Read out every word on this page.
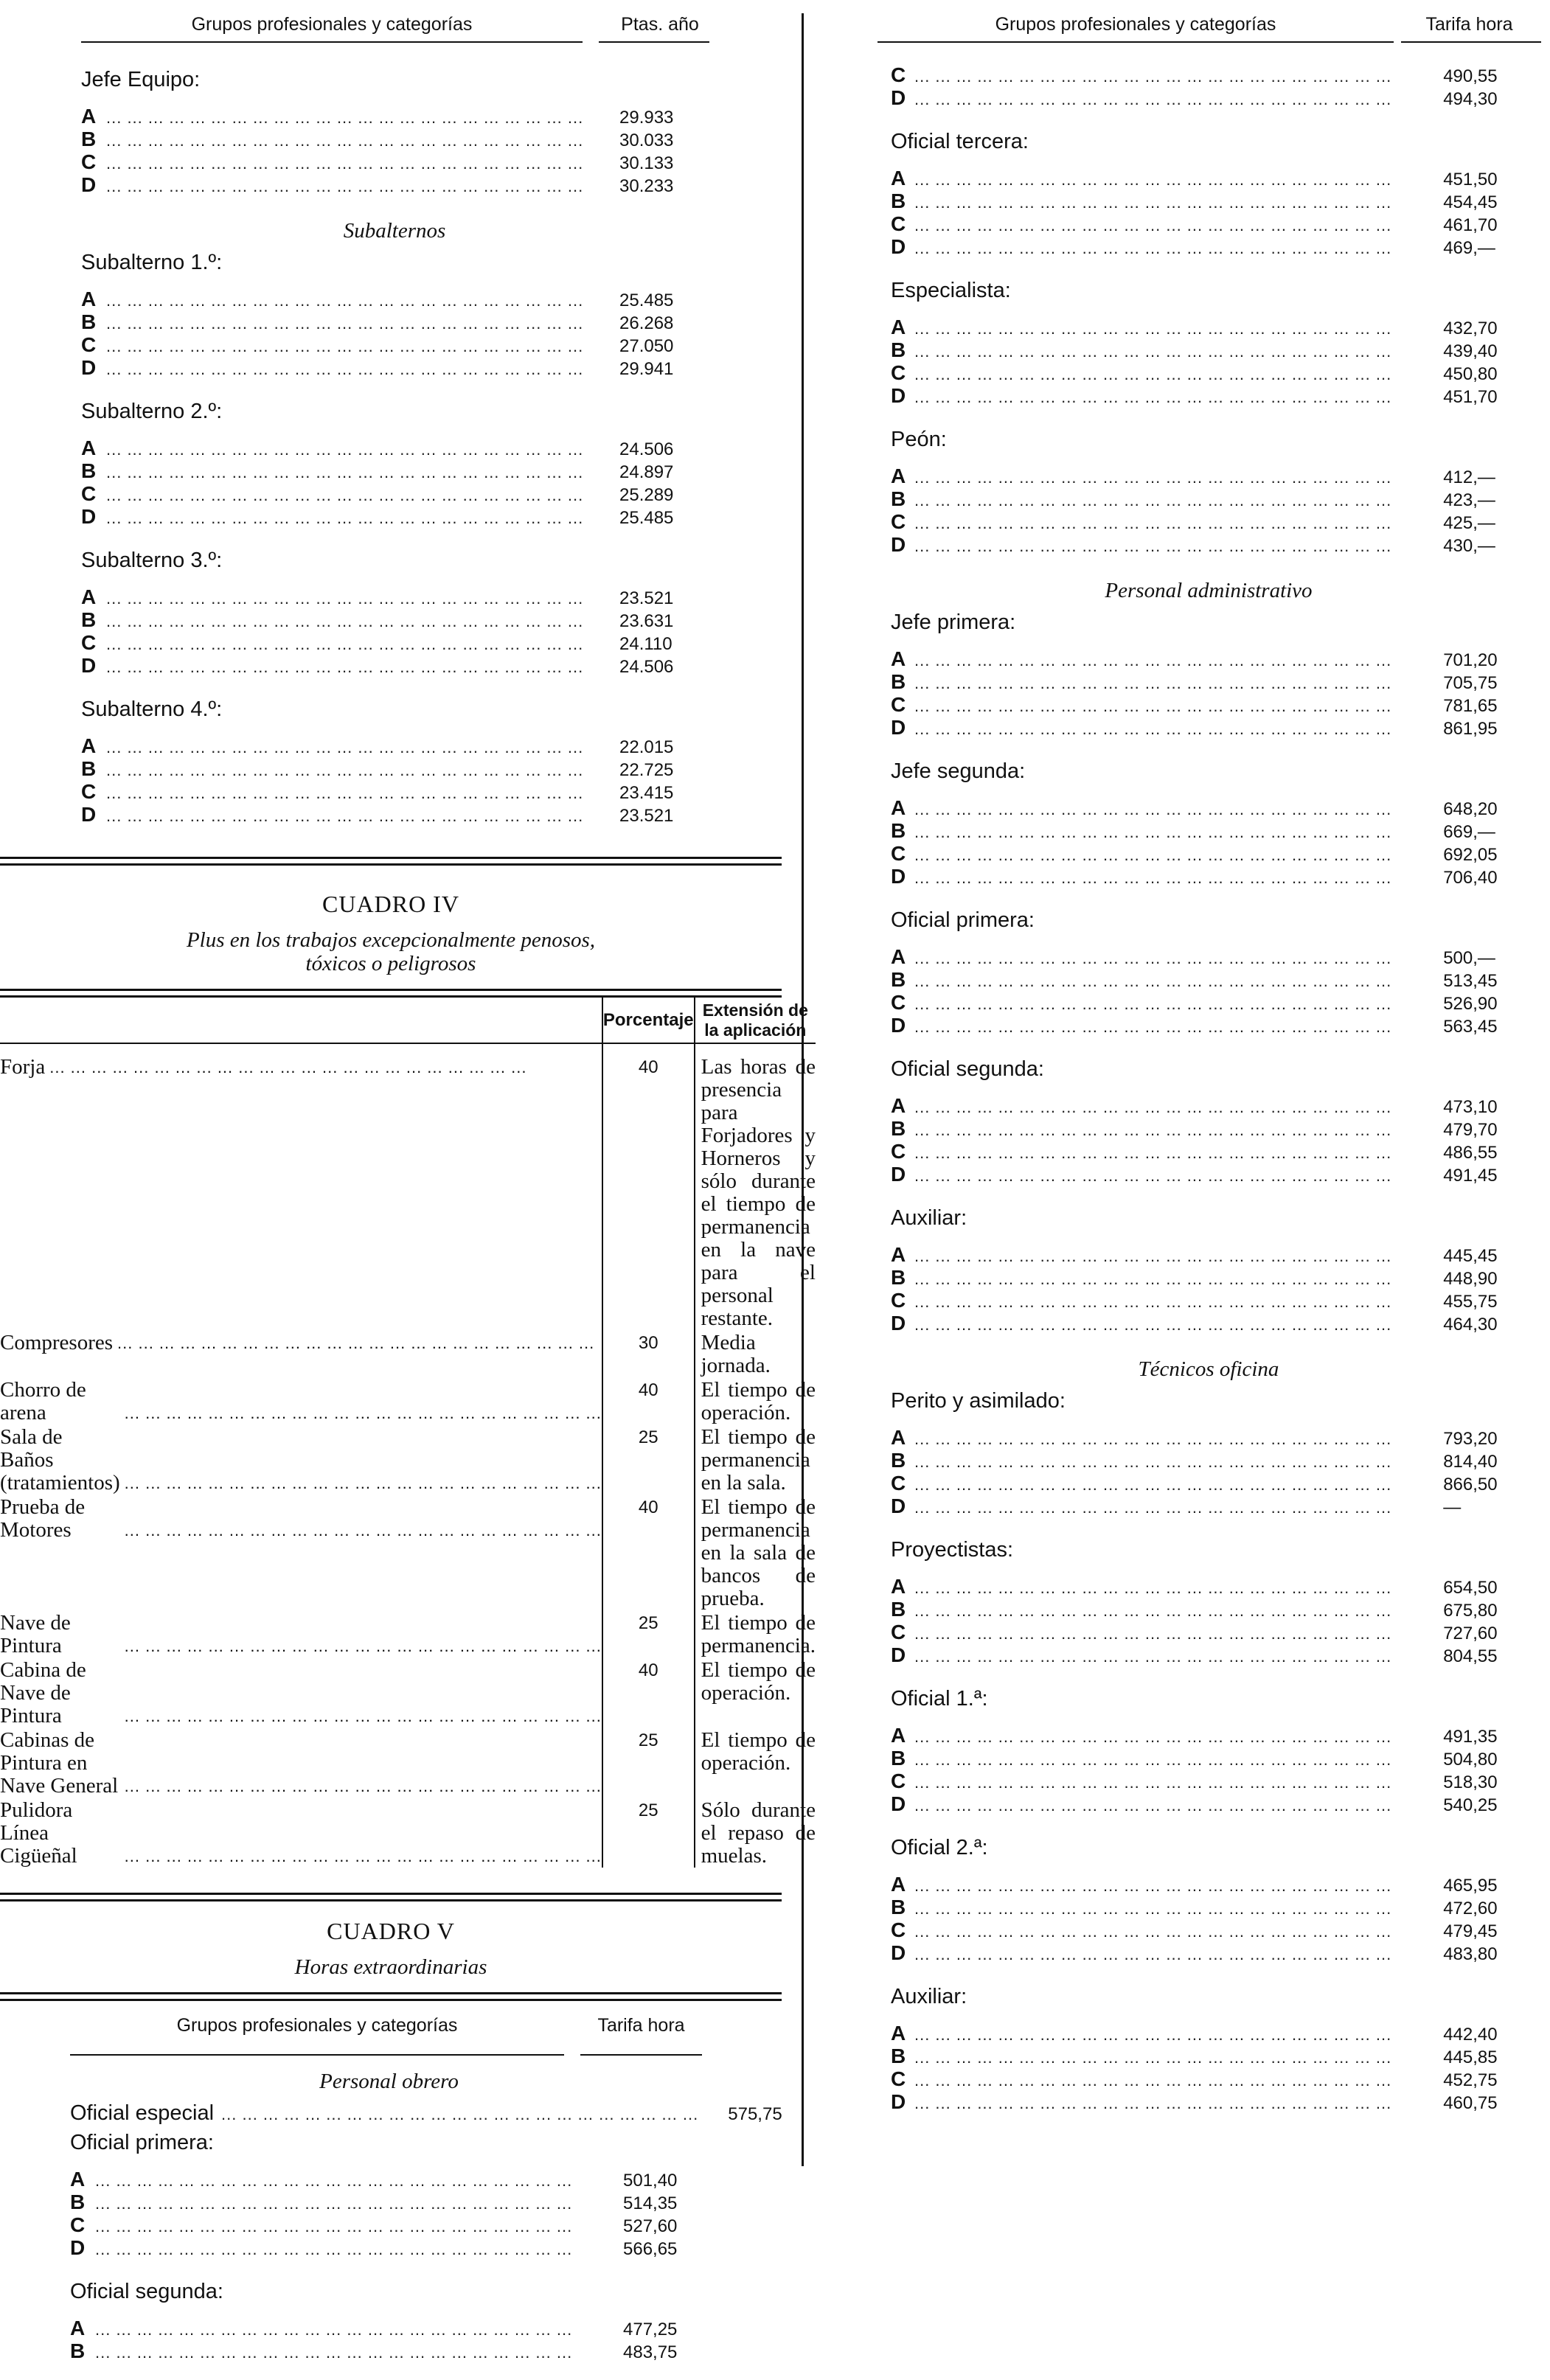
Grupos profesionales y categorías	Ptas. año
Jefe Equipo:
A ... ... ... ... ... ... ... ... ... ... ... ... ... ... ... ... ... ... ... ... ... ... ...	29.933
B ... ... ... ... ... ... ... ... ... ... ... ... ... ... ... ... ... ... ... ... ... ... ...	30.033
C ... ... ... ... ... ... ... ... ... ... ... ... ... ... ... ... ... ... ... ... ... ... ...	30.133
D ... ... ... ... ... ... ... ... ... ... ... ... ... ... ... ... ... ... ... ... ... ... ...	30.233
Subalternos
Subalterno 1.º:
A ... ... ... ... ... ... ... ... ... ... ... ... ... ... ... ... ... ... ... ... ... ... ...	25.485
B ... ... ... ... ... ... ... ... ... ... ... ... ... ... ... ... ... ... ... ... ... ... ...	26.268
C ... ... ... ... ... ... ... ... ... ... ... ... ... ... ... ... ... ... ... ... ... ... ...	27.050
D ... ... ... ... ... ... ... ... ... ... ... ... ... ... ... ... ... ... ... ... ... ... ...	29.941
Subalterno 2.º:
A ... ... ... ... ... ... ... ... ... ... ... ... ... ... ... ... ... ... ... ... ... ... ...	24.506
B ... ... ... ... ... ... ... ... ... ... ... ... ... ... ... ... ... ... ... ... ... ... ...	24.897
C ... ... ... ... ... ... ... ... ... ... ... ... ... ... ... ... ... ... ... ... ... ... ...	25.289
D ... ... ... ... ... ... ... ... ... ... ... ... ... ... ... ... ... ... ... ... ... ... ...	25.485
Subalterno 3.º:
A ... ... ... ... ... ... ... ... ... ... ... ... ... ... ... ... ... ... ... ... ... ... ...	23.521
B ... ... ... ... ... ... ... ... ... ... ... ... ... ... ... ... ... ... ... ... ... ... ...	23.631
C ... ... ... ... ... ... ... ... ... ... ... ... ... ... ... ... ... ... ... ... ... ... ...	24.110
D ... ... ... ... ... ... ... ... ... ... ... ... ... ... ... ... ... ... ... ... ... ... ...	24.506
Subalterno 4.º:
A ... ... ... ... ... ... ... ... ... ... ... ... ... ... ... ... ... ... ... ... ... ... ...	22.015
B ... ... ... ... ... ... ... ... ... ... ... ... ... ... ... ... ... ... ... ... ... ... ...	22.725
C ... ... ... ... ... ... ... ... ... ... ... ... ... ... ... ... ... ... ... ... ... ... ...	23.415
D ... ... ... ... ... ... ... ... ... ... ... ... ... ... ... ... ... ... ... ... ... ... ...	23.521
CUADRO IV
Plus en los trabajos excepcionalmente penosos,
tóxicos o peligrosos
	Porcentaje	Extensión de la aplicación

Forja ... ... ... ... ... ... ... ... ... ... ... ... ... ... ... ... ... ... ... ... ... ... ...	40	Las horas de presencia para Forjadores y Horneros y sólo durante el tiempo de permanencia en la nave para el personal restante.

Compresores ... ... ... ... ... ... ... ... ... ... ... ... ... ... ... ... ... ... ... ... ... ... ...	30	Media jornada.

Chorro de arena ... ... ... ... ... ... ... ... ... ... ... ... ... ... ... ... ... ... ... ... ... ... ...	40	El tiempo de operación.

Sala de Baños (tratamientos) ... ... ... ... ... ... ... ... ... ... ... ... ... ... ... ... ... ... ... ... ... ... ...	25	El tiempo de permanencia en la sala.

Prueba de Motores ... ... ... ... ... ... ... ... ... ... ... ... ... ... ... ... ... ... ... ... ... ... ...	40	El tiempo de permanencia en la sala de bancos de prueba.

Nave de Pintura ... ... ... ... ... ... ... ... ... ... ... ... ... ... ... ... ... ... ... ... ... ... ...	25	El tiempo de permanencia.

Cabina de Nave de Pintura ... ... ... ... ... ... ... ... ... ... ... ... ... ... ... ... ... ... ... ... ... ... ...	40	El tiempo de operación.

Cabinas de Pintura en Nave General ... ... ... ... ... ... ... ... ... ... ... ... ... ... ... ... ... ... ... ... ... ... ...	25	El tiempo de operación.

Pulidora Línea Cigüeñal ... ... ... ... ... ... ... ... ... ... ... ... ... ... ... ... ... ... ... ... ... ... ...	25	Sólo durante el repaso de muelas.
CUADRO V
Horas extraordinarias
Grupos profesionales y categorías	Tarifa hora
Personal obrero
Oficial especial ... ... ... ... ... ... ... ... ... ... ... ... ... ... ... ... ... ... ... ... ... ... ... 575,75
Oficial primera:
A ... ... ... ... ... ... ... ... ... ... ... ... ... ... ... ... ... ... ... ... ... ... ...	501,40
B ... ... ... ... ... ... ... ... ... ... ... ... ... ... ... ... ... ... ... ... ... ... ...	514,35
C ... ... ... ... ... ... ... ... ... ... ... ... ... ... ... ... ... ... ... ... ... ... ...	527,60
D ... ... ... ... ... ... ... ... ... ... ... ... ... ... ... ... ... ... ... ... ... ... ...	566,65
Oficial segunda:
A ... ... ... ... ... ... ... ... ... ... ... ... ... ... ... ... ... ... ... ... ... ... ...	477,25
B ... ... ... ... ... ... ... ... ... ... ... ... ... ... ... ... ... ... ... ... ... ... ...	483,75
Grupos profesionales y categorías	Tarifa hora
C ... ... ... ... ... ... ... ... ... ... ... ... ... ... ... ... ... ... ... ... ... ... ...	490,55
D ... ... ... ... ... ... ... ... ... ... ... ... ... ... ... ... ... ... ... ... ... ... ...	494,30
Oficial tercera:
A ... ... ... ... ... ... ... ... ... ... ... ... ... ... ... ... ... ... ... ... ... ... ...	451,50
B ... ... ... ... ... ... ... ... ... ... ... ... ... ... ... ... ... ... ... ... ... ... ...	454,45
C ... ... ... ... ... ... ... ... ... ... ... ... ... ... ... ... ... ... ... ... ... ... ...	461,70
D ... ... ... ... ... ... ... ... ... ... ... ... ... ... ... ... ... ... ... ... ... ... ...	469,—
Especialista:
A ... ... ... ... ... ... ... ... ... ... ... ... ... ... ... ... ... ... ... ... ... ... ...	432,70
B ... ... ... ... ... ... ... ... ... ... ... ... ... ... ... ... ... ... ... ... ... ... ...	439,40
C ... ... ... ... ... ... ... ... ... ... ... ... ... ... ... ... ... ... ... ... ... ... ...	450,80
D ... ... ... ... ... ... ... ... ... ... ... ... ... ... ... ... ... ... ... ... ... ... ...	451,70
Peón:
A ... ... ... ... ... ... ... ... ... ... ... ... ... ... ... ... ... ... ... ... ... ... ...	412,—
B ... ... ... ... ... ... ... ... ... ... ... ... ... ... ... ... ... ... ... ... ... ... ...	423,—
C ... ... ... ... ... ... ... ... ... ... ... ... ... ... ... ... ... ... ... ... ... ... ...	425,—
D ... ... ... ... ... ... ... ... ... ... ... ... ... ... ... ... ... ... ... ... ... ... ...	430,—
Personal administrativo
Jefe primera:
A ... ... ... ... ... ... ... ... ... ... ... ... ... ... ... ... ... ... ... ... ... ... ...	701,20
B ... ... ... ... ... ... ... ... ... ... ... ... ... ... ... ... ... ... ... ... ... ... ...	705,75
C ... ... ... ... ... ... ... ... ... ... ... ... ... ... ... ... ... ... ... ... ... ... ...	781,65
D ... ... ... ... ... ... ... ... ... ... ... ... ... ... ... ... ... ... ... ... ... ... ...	861,95
Jefe segunda:
A ... ... ... ... ... ... ... ... ... ... ... ... ... ... ... ... ... ... ... ... ... ... ...	648,20
B ... ... ... ... ... ... ... ... ... ... ... ... ... ... ... ... ... ... ... ... ... ... ...	669,—
C ... ... ... ... ... ... ... ... ... ... ... ... ... ... ... ... ... ... ... ... ... ... ...	692,05
D ... ... ... ... ... ... ... ... ... ... ... ... ... ... ... ... ... ... ... ... ... ... ...	706,40
Oficial primera:
A ... ... ... ... ... ... ... ... ... ... ... ... ... ... ... ... ... ... ... ... ... ... ...	500,—
B ... ... ... ... ... ... ... ... ... ... ... ... ... ... ... ... ... ... ... ... ... ... ...	513,45
C ... ... ... ... ... ... ... ... ... ... ... ... ... ... ... ... ... ... ... ... ... ... ...	526,90
D ... ... ... ... ... ... ... ... ... ... ... ... ... ... ... ... ... ... ... ... ... ... ...	563,45
Oficial segunda:
A ... ... ... ... ... ... ... ... ... ... ... ... ... ... ... ... ... ... ... ... ... ... ...	473,10
B ... ... ... ... ... ... ... ... ... ... ... ... ... ... ... ... ... ... ... ... ... ... ...	479,70
C ... ... ... ... ... ... ... ... ... ... ... ... ... ... ... ... ... ... ... ... ... ... ...	486,55
D ... ... ... ... ... ... ... ... ... ... ... ... ... ... ... ... ... ... ... ... ... ... ...	491,45
Auxiliar:
A ... ... ... ... ... ... ... ... ... ... ... ... ... ... ... ... ... ... ... ... ... ... ...	445,45
B ... ... ... ... ... ... ... ... ... ... ... ... ... ... ... ... ... ... ... ... ... ... ...	448,90
C ... ... ... ... ... ... ... ... ... ... ... ... ... ... ... ... ... ... ... ... ... ... ...	455,75
D ... ... ... ... ... ... ... ... ... ... ... ... ... ... ... ... ... ... ... ... ... ... ...	464,30
Técnicos oficina
Perito y asimilado:
A ... ... ... ... ... ... ... ... ... ... ... ... ... ... ... ... ... ... ... ... ... ... ...	793,20
B ... ... ... ... ... ... ... ... ... ... ... ... ... ... ... ... ... ... ... ... ... ... ...	814,40
C ... ... ... ... ... ... ... ... ... ... ... ... ... ... ... ... ... ... ... ... ... ... ...	866,50
D ... ... ... ... ... ... ... ... ... ... ... ... ... ... ... ... ... ... ... ... ... ... ...	—
Proyectistas:
A ... ... ... ... ... ... ... ... ... ... ... ... ... ... ... ... ... ... ... ... ... ... ...	654,50
B ... ... ... ... ... ... ... ... ... ... ... ... ... ... ... ... ... ... ... ... ... ... ...	675,80
C ... ... ... ... ... ... ... ... ... ... ... ... ... ... ... ... ... ... ... ... ... ... ...	727,60
D ... ... ... ... ... ... ... ... ... ... ... ... ... ... ... ... ... ... ... ... ... ... ...	804,55
Oficial 1.ª:
A ... ... ... ... ... ... ... ... ... ... ... ... ... ... ... ... ... ... ... ... ... ... ...	491,35
B ... ... ... ... ... ... ... ... ... ... ... ... ... ... ... ... ... ... ... ... ... ... ...	504,80
C ... ... ... ... ... ... ... ... ... ... ... ... ... ... ... ... ... ... ... ... ... ... ...	518,30
D ... ... ... ... ... ... ... ... ... ... ... ... ... ... ... ... ... ... ... ... ... ... ...	540,25
Oficial 2.ª:
A ... ... ... ... ... ... ... ... ... ... ... ... ... ... ... ... ... ... ... ... ... ... ...	465,95
B ... ... ... ... ... ... ... ... ... ... ... ... ... ... ... ... ... ... ... ... ... ... ...	472,60
C ... ... ... ... ... ... ... ... ... ... ... ... ... ... ... ... ... ... ... ... ... ... ...	479,45
D ... ... ... ... ... ... ... ... ... ... ... ... ... ... ... ... ... ... ... ... ... ... ...	483,80
Auxiliar:
A ... ... ... ... ... ... ... ... ... ... ... ... ... ... ... ... ... ... ... ... ... ... ...	442,40
B ... ... ... ... ... ... ... ... ... ... ... ... ... ... ... ... ... ... ... ... ... ... ...	445,85
C ... ... ... ... ... ... ... ... ... ... ... ... ... ... ... ... ... ... ... ... ... ... ...	452,75
D ... ... ... ... ... ... ... ... ... ... ... ... ... ... ... ... ... ... ... ... ... ... ...	460,75
